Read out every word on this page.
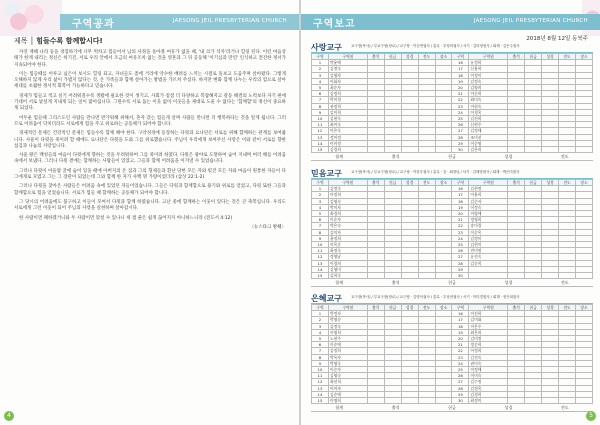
구역공과	JAESONG JEIL PRESBYTERIAN CHURCH
제목 │ 힘들수록 함께합시다!

자연 재해 나라 등을 경험하기에 너무 벅차고 힘들어서 남의 사정을 돌아볼 여유가 없을 때, '내 코가 석자'라거나 힐링 된다. 이런 마음상태가 한계 내리는 정신은 허기진, 서로 우리 안에서 조금의 여유조차 없는 것을 영혼과 그 뒤 공동체 '이기심과 만연' 인식하고 전진한 정서가 지속되어야 한다.

이는 힘들때를 어루고 넘은이 보시도 힐링 되고, 자녀들도 좀에 거리에 악수한 배려를 느끼는 시절로 돌보고 도움주며 살아왔다. 그렇게 오해하지 않게 우리 삶이 가볍지 않다는 것, 온 가족들과 함께 살아가는 방법을 가르쳐 주셨다. 하지만 변화 함께 나누는 우리의 힘으로 살아 세대를 초월한 정서적 회복이 가능하다고 믿습니다.

경제가 힘들고 적고 실기 어려워질수록 생활에 필요한 것이 생기고, 사회가 점점 더 다양하고 복잡해지고 갈등 해결의 노력보다 자기 편에 기대어 서로 낯설게 지내게 되는 일이 많아집니다. 그럴수록 서로 돕는 이웃 없이 이웃들을 제대로 도울 수 없다는 '함께함'의 정신이 중요하게 되었다.

어두운 힘들때 그리스도인 사람들 만나면 반가워해 위해서, 혼자 갔는 힘들게 살며 사람들 만나면 더 행복하다는 것을 알게 됩니다. 그러므로 어려움이 닥치더라도 서로에게 힘을 주고 위로하는 공동체가 되어야 합니다.

경제적인 문제든 건강적인 문제든 힘들수록 함께 해야 한다. 구약성경에 등장하는 다윗과 요나단은 서로를 위해 함께하는 관계를 보여줍니다. 사울이 다윗을 죽이려 할 때에도 요나단은 다윗을 도와 그를 위로했습니다. 주님이 우리에게 보여주신 사랑은 이와 같이 서로를 향한 섬김과 나눔의 사랑입니다.

사울 왕은 백성들의 마음이 다윗에게 향하는 것을 두려워하여 그를 죽이려 하였다. 다윗은 광야로 도망하여 숨어 지내며 여러 해를 어려움 속에서 보냈다. 그러나 다윗 곁에는 함께하는 사람들이 있었고, 그들과 함께 어려움을 이겨낼 수 있었습니다.

그러나 다윗이 아둘람 굴에 숨어 있을 때에 아버지의 온 집과 그의 형제들과 환난 당한 모든 자와 빚진 모든 자와 마음이 원통한 자들이 다 그에게로 모였고 그는 그 장관이 되었는데 그와 함께 한 자가 사백 명 가량이었더라 (삼상 22:1-2)

그러나 다윗을 찾아온 사람들은 어려움 속에 있었던 자들이었습니다. 그들은 다윗과 함께함으로 용기와 위로를 얻었고, 다윗 또한 그들과 함께함으로 힘을 얻었습니다. 서로가 힘들 때 함께하는 공동체가 되어야 합니다.

그 당시의 어려움에도 불구하고 이들이 모여서 다윗과 함께 하였습니다. 고난 중에 함께하는 이웃이 있다는 것은 큰 축복입니다. 우리도 서로에게 그런 이웃이 되어 주님의 사랑을 실천하며 살아갑시다.

한 사람이면 패하겠거니와 두 사람이면 맞설 수 있나니 세 겹 줄은 쉽게 끊어지지 아니하느니라 (전도서 4:12)

〈뉴스타크 발췌〉

4
구역보고	JAESONG JEIL PRESBYTERIAN CHURCH
2018년 8월 12일 동북주
사랑교구	교구장(목사) / 부교구장(장로) / 교구장 · 이순연권사 / 총무 · 우정미권사 / 서기 · 김미정집사 / 회계 · 김은주집사
구역	구역원	출석	헌금	성경	전도	장소	구역	구역원	출석	헌금	성경	전도	장소
1	박윤애						16	유정희					
2	김정숙						17	신용희					
3	김영자						18	이정미					
4	이화자						19	김정숙					
5	최순자						20	김영희					
6	김정희						21	이순희					
7	박미경						22	최미숙					
8	권정희						23	이현숙					
9	김미희						24	이경옥					
10	김현숙						25	김진희					
11	최미숙						26	신현주					
12	이은숙						27	김정애					
13	정미정						28	조미선					
14	이미정						29	이순영					
15	김경희						30	김은희					
합계	출석	헌금	성경	전도
믿음교구	교구장(목사) / 부교구장(장로) / 교구장 · 이한우권사 / 총무 · 김 · 회장님 / 서기 · 김태영집사 / 회계 · 박은미집사
구역	구역원	출석	헌금	성경	전도	장소	구역	구역원	출석	헌금	성경	전도	장소
1	김정숙						16	김현정					
2	이정희						17	이윤희					
3	김영숙						18	김순자					
4	박미자						19	이정숙					
5	최경희						20	이영애					
6	이순자						21	정영희					
7	박은숙						22	송미경					
8	김미자						23	이순옥					
9	윤정희						24	김정미					
10	이옥순						25	김현미					
11	최정숙						26	전미정					
12	정영남						27	유진숙					
13	이경희						28	김순희					
14	김영미						29						
15	김희숙						30						
합계	출석	헌금	성경	전도
은혜교구	교구장(목사) / 부교구장(장로) / 교구장 · 김명석권사 / 총무 · 우상현권사 / 서기 · 이미경집사 / 회계 · 정은희집사
구역	구역원	출석	헌금	성경	전도	장소	구역	구역원	출석	헌금	성경	전도	장소
1	박정자						16	이진희					
2	박영순						17	김미화					
3	김정숙						18	이은주					
4	이영희						19	최은희					
5	노현주						20	김미정					
6	이순애						21	정순희					
7	김정희						22	이정희					
8	박옥자						23	김진숙					
9	박영숙						24	권미숙					
10	이순자						25	이정애					
11	김영숙						26	이미숙					
12	최선희						27	김수정					
13	이미자						28	김정옥					
14	김순애						29	김경희					
15	이명희						30	최정미					
합계	출석	헌금	성경	전도
5
